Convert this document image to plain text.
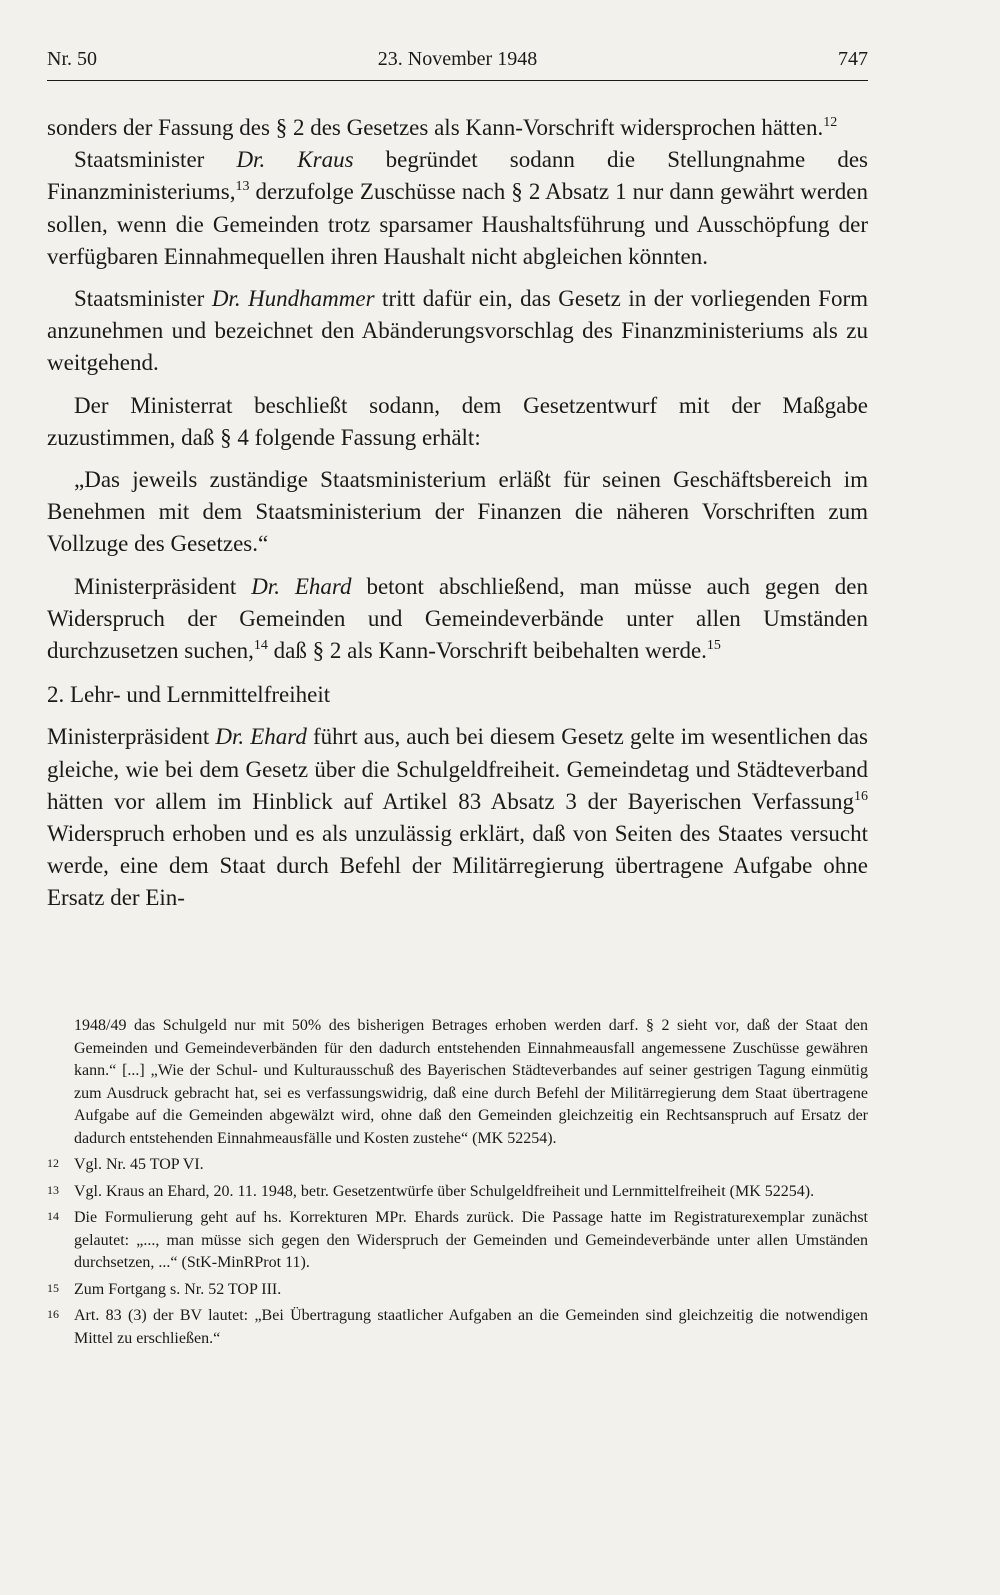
Nr. 50	23. November 1948	747

sonders der Fassung des § 2 des Gesetzes als Kann-Vorschrift widersprochen hätten.$^{12}$

Staatsminister Dr. Kraus begründet sodann die Stellungnahme des Finanzministeriums,$^{13}$ derzufolge Zuschüsse nach § 2 Absatz 1 nur dann gewährt werden sollen, wenn die Gemeinden trotz sparsamer Haushaltsführung und Ausschöpfung der verfügbaren Einnahmequellen ihren Haushalt nicht abgleichen könnten.

Staatsminister Dr. Hundhammer tritt dafür ein, das Gesetz in der vorliegenden Form anzunehmen und bezeichnet den Abänderungsvorschlag des Finanzministeriums als zu weitgehend.

Der Ministerrat beschließt sodann, dem Gesetzentwurf mit der Maßgabe zuzustimmen, daß § 4 folgende Fassung erhält:

„Das jeweils zuständige Staatsministerium erläßt für seinen Geschäftsbereich im Benehmen mit dem Staatsministerium der Finanzen die näheren Vorschriften zum Vollzuge des Gesetzes.“

Ministerpräsident Dr. Ehard betont abschließend, man müsse auch gegen den Widerspruch der Gemeinden und Gemeindeverbände unter allen Umständen durchzusetzen suchen,$^{14}$ daß § 2 als Kann-Vorschrift beibehalten werde.$^{15}$

2. Lehr- und Lernmittelfreiheit

Ministerpräsident Dr. Ehard führt aus, auch bei diesem Gesetz gelte im wesentlichen das gleiche, wie bei dem Gesetz über die Schulgeldfreiheit. Gemeindetag und Städteverband hätten vor allem im Hinblick auf Artikel 83 Absatz 3 der Bayerischen Verfassung$^{16}$ Widerspruch erhoben und es als unzulässig erklärt, daß von Seiten des Staates versucht werde, eine dem Staat durch Befehl der Militärregierung übertragene Aufgabe ohne Ersatz der Ein-

1948/49 das Schulgeld nur mit 50% des bisherigen Betrages erhoben werden darf. § 2 sieht vor, daß der Staat den Gemeinden und Gemeindeverbänden für den dadurch entstehenden Einnahmeausfall angemessene Zuschüsse gewähren kann.“ [...] „Wie der Schul- und Kulturausschuß des Bayerischen Städteverbandes auf seiner gestrigen Tagung einmütig zum Ausdruck gebracht hat, sei es verfassungswidrig, daß eine durch Befehl der Militärregierung dem Staat übertragene Aufgabe auf die Gemeinden abgewälzt wird, ohne daß den Gemeinden gleichzeitig ein Rechtsanspruch auf Ersatz der dadurch entstehenden Einnahmeausfälle und Kosten zustehe“ (MK 52254).
12 Vgl. Nr. 45 TOP VI.
13 Vgl. Kraus an Ehard, 20. 11. 1948, betr. Gesetzentwürfe über Schulgeldfreiheit und Lernmittelfreiheit (MK 52254).
14 Die Formulierung geht auf hs. Korrekturen MPr. Ehards zurück. Die Passage hatte im Registraturexemplar zunächst gelautet: „..., man müsse sich gegen den Widerspruch der Gemeinden und Gemeindeverbände unter allen Umständen durchsetzen, ...“ (StK-MinRProt 11).
15 Zum Fortgang s. Nr. 52 TOP III.
16 Art. 83 (3) der BV lautet: „Bei Übertragung staatlicher Aufgaben an die Gemeinden sind gleichzeitig die notwendigen Mittel zu erschließen.“
